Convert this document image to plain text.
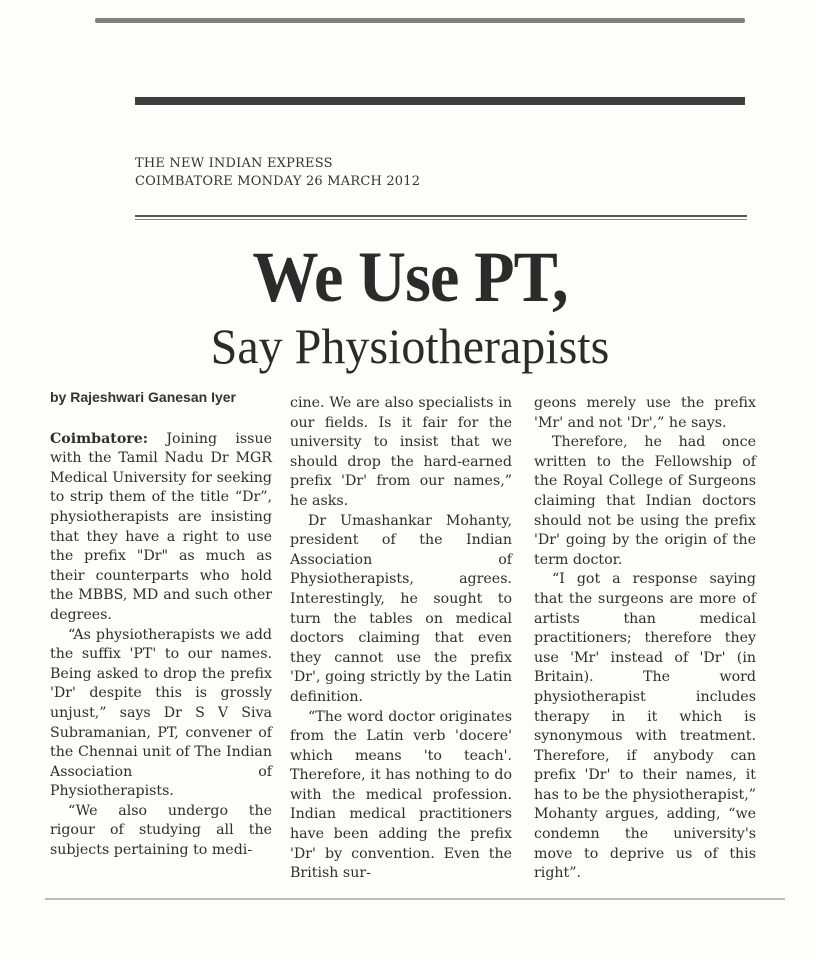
THE NEW INDIAN EXPRESS
COIMBATORE MONDAY 26 MARCH 2012
We Use PT,
Say Physiotherapists
by Rajeshwari Ganesan Iyer

Coimbatore: Joining issue with the Tamil Nadu Dr MGR Medical University for seeking to strip them of the title “Dr”, physiotherapists are insisting that they have a right to use the prefix "Dr" as much as their counterparts who hold the MBBS, MD and such other degrees.

“As physiotherapists we add the suffix 'PT' to our names. Being asked to drop the prefix 'Dr' despite this is grossly unjust,” says Dr S V Siva Subramanian, PT, convener of the Chennai unit of The Indian Association of Physiotherapists.

“We also undergo the rigour of studying all the subjects pertaining to medi-

cine. We are also specialists in our fields. Is it fair for the university to insist that we should drop the hard-earned prefix 'Dr' from our names,” he asks.

Dr Umashankar Mohanty, president of the Indian Association of Physiotherapists, agrees. Interestingly, he sought to turn the tables on medical doctors claiming that even they cannot use the prefix 'Dr', going strictly by the Latin definition.

“The word doctor originates from the Latin verb 'docere' which means 'to teach'. Therefore, it has nothing to do with the medical profession. Indian medical practitioners have been adding the prefix 'Dr' by convention. Even the British sur-

geons merely use the prefix 'Mr' and not 'Dr',” he says.

Therefore, he had once written to the Fellowship of the Royal College of Surgeons claiming that Indian doctors should not be using the prefix 'Dr' going by the origin of the term doctor.

“I got a response saying that the surgeons are more of artists than medical practitioners; therefore they use 'Mr' instead of 'Dr' (in Britain). The word physiotherapist includes therapy in it which is synonymous with treatment. Therefore, if anybody can prefix 'Dr' to their names, it has to be the physiotherapist,” Mohanty argues, adding, “we condemn the university's move to deprive us of this right”.
